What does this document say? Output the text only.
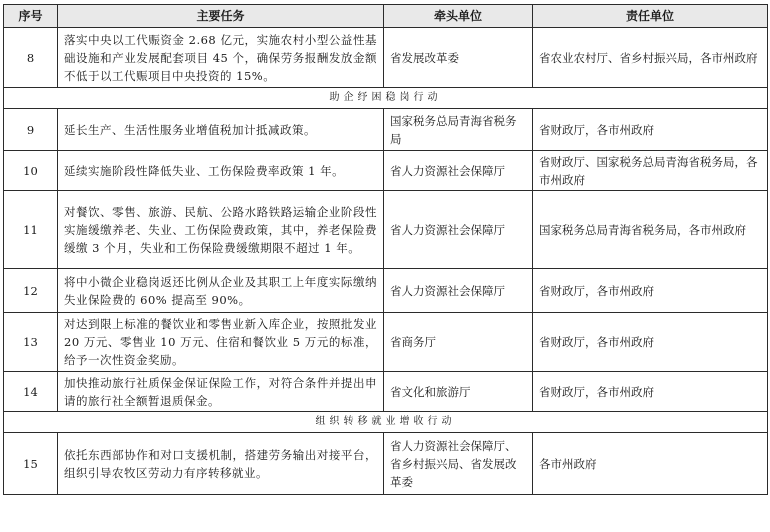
序号	主要任务	牵头单位	责任单位
8	落实中央以工代赈资金 2.68 亿元，实施农村小型公益性基础设施和产业发展配套项目 45 个，确保劳务报酬发放金额不低于以工代赈项目中央投资的 15%。	省发展改革委	省农业农村厅、省乡村振兴局，各市州政府
助企纾困稳岗行动			
9	延长生产、生活性服务业增值税加计抵减政策。	国家税务总局青海省税务局	省财政厅，各市州政府
10	延续实施阶段性降低失业、工伤保险费率政策 1 年。	省人力资源社会保障厅	省财政厅、国家税务总局青海省税务局，各市州政府
11	对餐饮、零售、旅游、民航、公路水路铁路运输企业阶段性实施缓缴养老、失业、工伤保险费政策，其中，养老保险费缓缴 3 个月，失业和工伤保险费缓缴期限不超过 1 年。	省人力资源社会保障厅	国家税务总局青海省税务局，各市州政府
12	将中小微企业稳岗返还比例从企业及其职工上年度实际缴纳失业保险费的 60% 提高至 90%。	省人力资源社会保障厅	省财政厅，各市州政府
13	对达到限上标准的餐饮业和零售业新入库企业，按照批发业 20 万元、零售业 10 万元、住宿和餐饮业 5 万元的标准，给予一次性资金奖励。	省商务厅	省财政厅，各市州政府
14	加快推动旅行社质保金保证保险工作，对符合条件并提出申请的旅行社全额暂退质保金。	省文化和旅游厅	省财政厅，各市州政府
组织转移就业增收行动			
15	依托东西部协作和对口支援机制，搭建劳务输出对接平台，组织引导农牧区劳动力有序转移就业。	省人力资源社会保障厅、省乡村振兴局、省发展改革委	各市州政府
